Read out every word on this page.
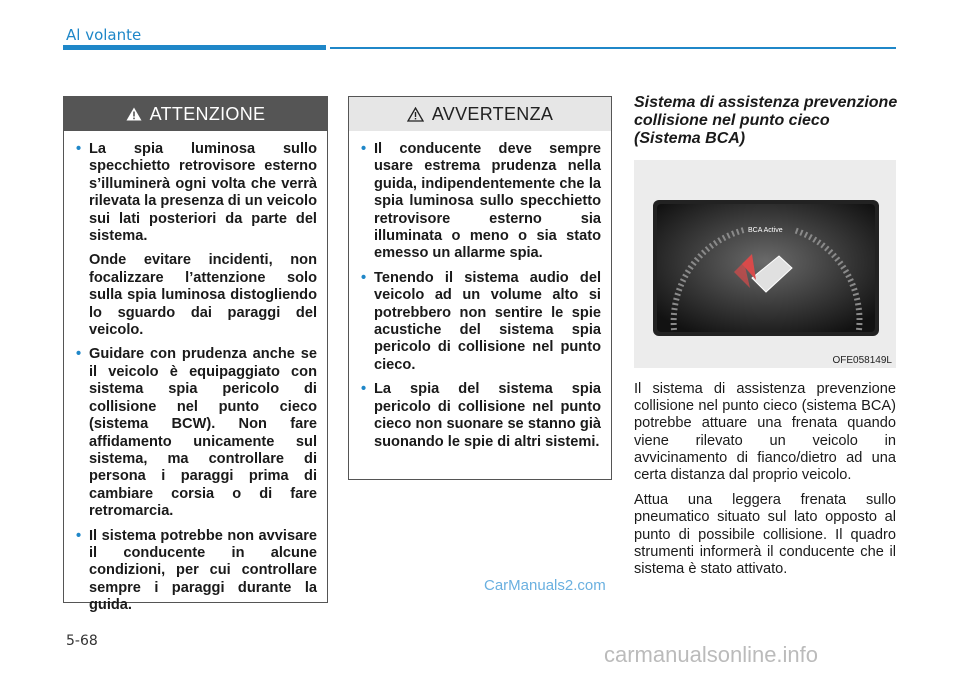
Al volante
ATTENZIONE
• La spia luminosa sullo specchietto retrovisore esterno s’illuminerà ogni volta che verrà rilevata la presenza di un veicolo sui lati posteriori da parte del sistema.

Onde evitare incidenti, non focalizzare l’attenzione solo sulla spia luminosa distogliendo lo sguardo dai paraggi del veicolo.

• Guidare con prudenza anche se il veicolo è equipaggiato con sistema spia pericolo di collisione nel punto cieco (sistema BCW). Non fare affidamento unicamente sul sistema, ma controllare di persona i paraggi prima di cambiare corsia o di fare retromarcia.

• Il sistema potrebbe non avvisare il conducente in alcune condizioni, per cui controllare sempre i paraggi durante la guida.

AVVERTENZA
• Il conducente deve sempre usare estrema prudenza nella guida, indipendentemente che la spia luminosa sullo specchietto retrovisore esterno sia illuminata o meno o sia stato emesso un allarme spia.

• Tenendo il sistema audio del veicolo ad un volume alto si potrebbero non sentire le spie acustiche del sistema spia pericolo di collisione nel punto cieco.

• La spia del sistema spia pericolo di collisione nel punto cieco non suonare se stanno già suonando le spie di altri sistemi.

Sistema di assistenza prevenzione collisione nel punto cieco (Sistema BCA)
BCA Active
OFE058149L

Il sistema di assistenza prevenzione collisione nel punto cieco (sistema BCA) potrebbe attuare una frenata quando viene rilevato un veicolo in avvicinamento di fianco/dietro ad una certa distanza dal proprio veicolo.

Attua una leggera frenata sullo pneumatico situato sul lato opposto al punto di possibile collisione. Il quadro strumenti informerà il conducente che il sistema è stato attivato.

5-68
CarManuals2.com
carmanualsonline.info
